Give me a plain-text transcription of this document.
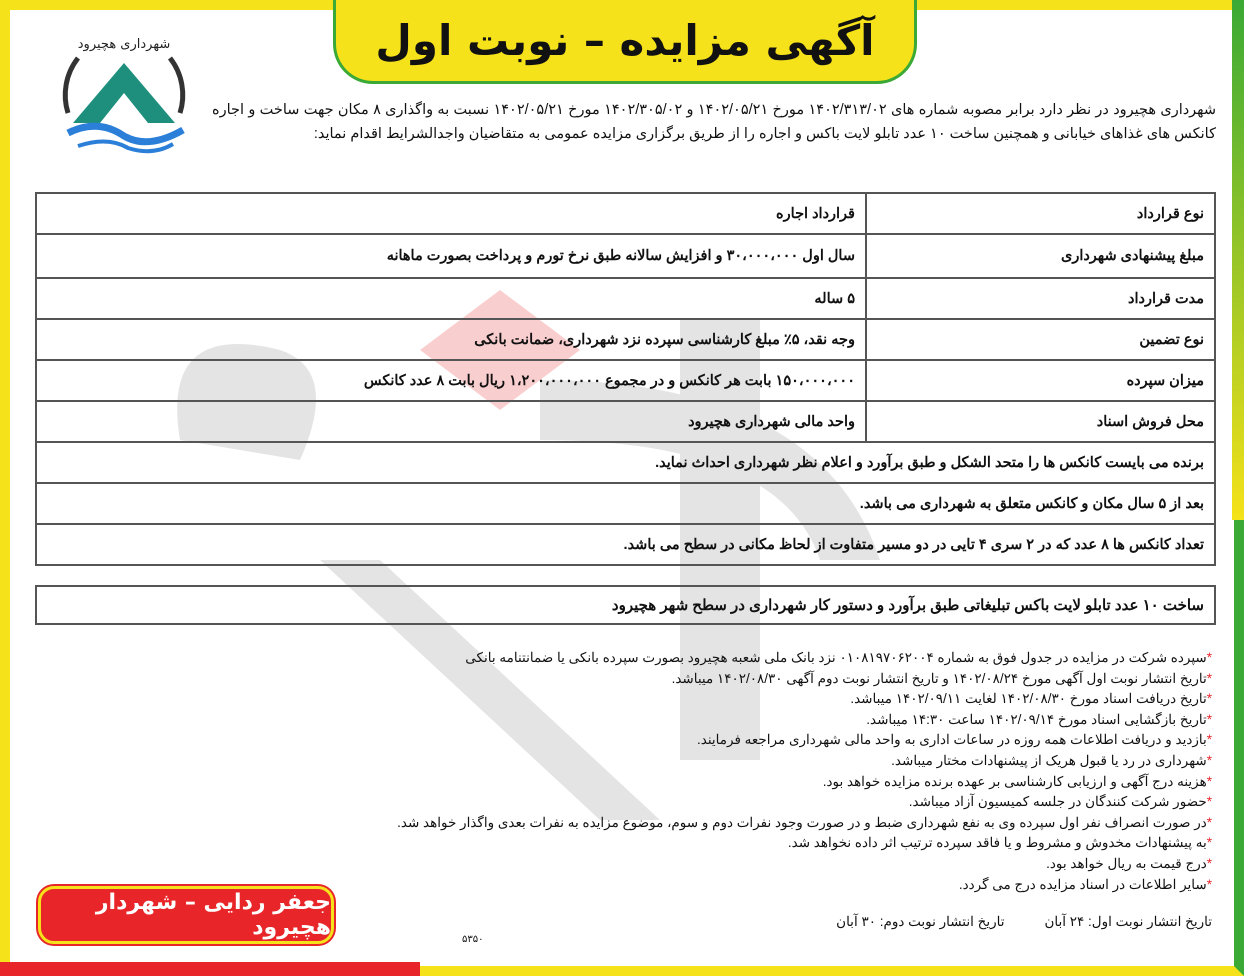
آگهی مزایده – نوبت اول
شهرداری هچیرود
شهرداری هچیرود در نظر دارد برابر مصوبه شماره های ۱۴۰۲/۳۱۳/۰۲ مورخ ۱۴۰۲/۰۵/۲۱ و ۱۴۰۲/۳۰۵/۰۲ مورخ ۱۴۰۲/۰۵/۲۱ نسبت به واگذاری ۸ مکان جهت ساخت و اجاره کانکس های غذاهای خیابانی و همچنین ساخت ۱۰ عدد تابلو لایت باکس و اجاره را از طریق برگزاری مزایده عمومی به متقاضیان واجدالشرایط اقدام نماید:
نوع قرارداد	قرارداد اجاره
مبلغ پیشنهادی شهرداری	سال اول ۳۰،۰۰۰،۰۰۰ و افزایش سالانه طبق نرخ تورم و پرداخت بصورت ماهانه
مدت قرارداد	۵ ساله
نوع تضمین	وجه نقد، ۵٪ مبلغ کارشناسی سپرده نزد شهرداری، ضمانت بانکی
میزان سپرده	۱۵۰،۰۰۰،۰۰۰ بابت هر کانکس و در مجموع ۱،۲۰۰،۰۰۰،۰۰۰ ریال بابت ۸ عدد کانکس
محل فروش اسناد	واحد مالی شهرداری هچیرود
برنده می بایست کانکس ها را متحد الشکل و طبق برآورد و اعلام نظر شهرداری احداث نماید.	
بعد از ۵ سال مکان و کانکس متعلق به شهرداری می باشد.	
تعداد کانکس ها ۸ عدد که در ۲ سری ۴ تایی در دو مسیر متفاوت از لحاظ مکانی در سطح می باشد.	
ساخت ۱۰ عدد تابلو لایت باکس تبلیغاتی طبق برآورد و دستور کار شهرداری در سطح شهر هچیرود
*سپرده شرکت در مزایده در جدول فوق به شماره ۰۱۰۸۱۹۷۰۶۲۰۰۴ نزد بانک ملی شعبه هچیرود بصورت سپرده بانکی یا ضمانتنامه بانکی
*تاریخ انتشار نوبت اول آگهی مورخ ۱۴۰۲/۰۸/۲۴ و تاریخ انتشار نوبت دوم آگهی ۱۴۰۲/۰۸/۳۰ میباشد.
*تاریخ دریافت اسناد مورخ ۱۴۰۲/۰۸/۳۰ لغایت ۱۴۰۲/۰۹/۱۱ میباشد.
*تاریخ بازگشایی اسناد مورخ ۱۴۰۲/۰۹/۱۴ ساعت ۱۴:۳۰ میباشد.
*بازدید و دریافت اطلاعات همه روزه در ساعات اداری به واحد مالی شهرداری مراجعه فرمایند.
*شهرداری در رد یا قبول هریک از پیشنهادات مختار میباشد.
*هزینه درج آگهی و ارزیابی کارشناسی بر عهده برنده مزایده خواهد بود.
*حضور شرکت کنندگان در جلسه کمیسیون آزاد میباشد.
*در صورت انصراف نفر اول سپرده وی به نفع شهرداری ضبط و در صورت وجود نفرات دوم و سوم، موضوع مزایده به نفرات بعدی واگذار خواهد شد.
*به پیشنهادات مخدوش و مشروط و یا فاقد سپرده ترتیب اثر داده نخواهد شد.
*درج قیمت به ریال خواهد بود.
*سایر اطلاعات در اسناد مزایده درج می گردد.
تاریخ انتشار نوبت اول: ۲۴ آبان
تاریخ انتشار نوبت دوم: ۳۰ آبان
جعفر ردایی – شهردار هچیرود	۵۳۵۰
